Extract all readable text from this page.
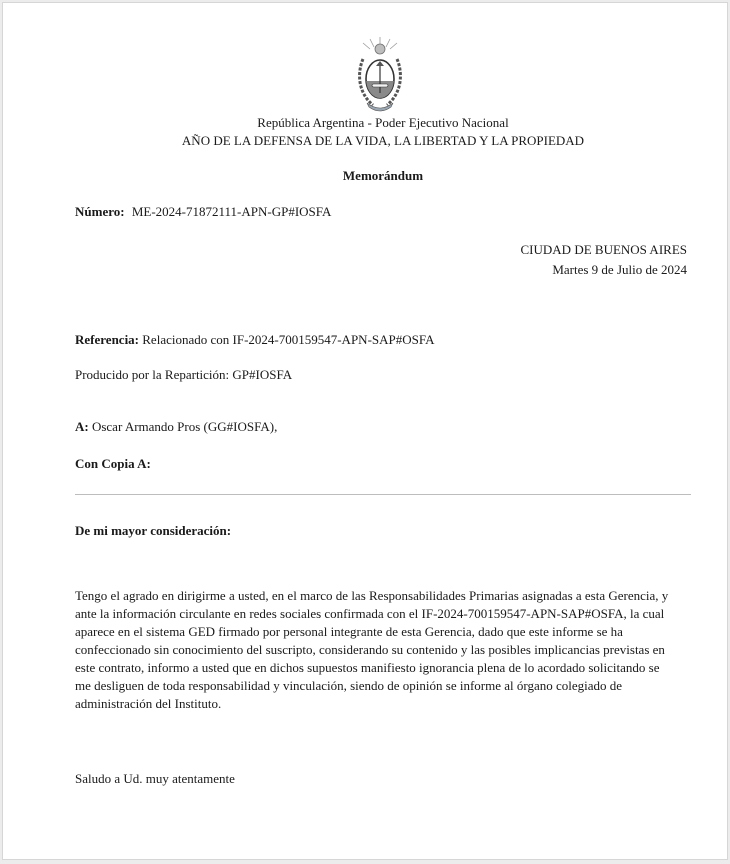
República Argentina - Poder Ejecutivo Nacional
AÑO DE LA DEFENSA DE LA VIDA, LA LIBERTAD Y LA PROPIEDAD
Memorándum
Número: ME-2024-71872111-APN-GP#IOSFA
CIUDAD DE BUENOS AIRES
Martes 9 de Julio de 2024
Referencia: Relacionado con IF-2024-700159547-APN-SAP#OSFA
Producido por la Repartición: GP#IOSFA
A: Oscar Armando Pros (GG#IOSFA),
Con Copia A:
De mi mayor consideración:
Tengo el agrado en dirigirme a usted, en el marco de las Responsabilidades Primarias asignadas a esta Gerencia, y
ante la información circulante en redes sociales confirmada con el IF-2024-700159547-APN-SAP#OSFA, la cual
aparece en el sistema GED firmado por personal integrante de esta Gerencia, dado que este informe se ha
confeccionado sin conocimiento del suscripto, considerando su contenido y las posibles implicancias previstas en
este contrato, informo a usted que en dichos supuestos manifiesto ignorancia plena de lo acordado solicitando se
me desliguen de toda responsabilidad y vinculación, siendo de opinión se informe al órgano colegiado de
administración del Instituto.
Saludo a Ud. muy atentamente
